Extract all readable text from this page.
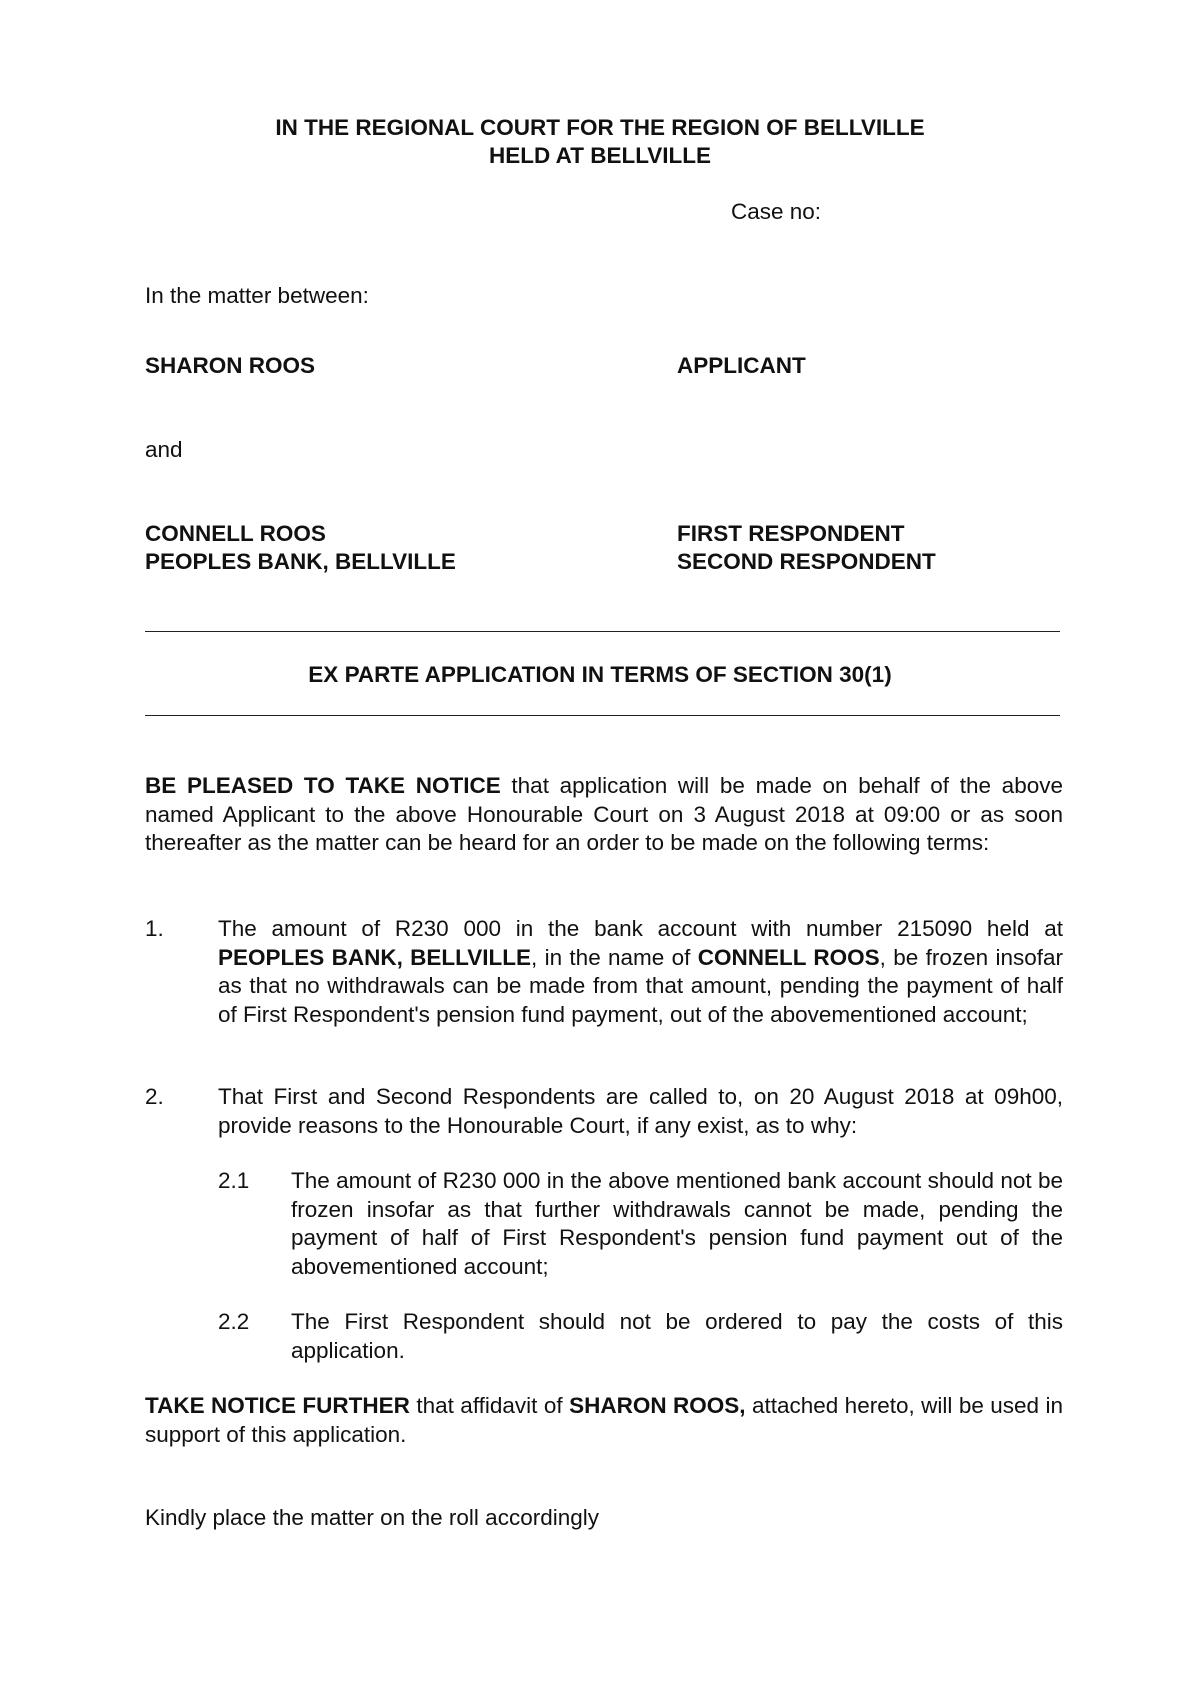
IN THE REGIONAL COURT FOR THE REGION OF BELLVILLE
HELD AT BELLVILLE
Case no:
In the matter between:
SHARON ROOS	APPLICANT
and
CONNELL ROOS	FIRST RESPONDENT
PEOPLES BANK, BELLVILLE	SECOND RESPONDENT
EX PARTE APPLICATION IN TERMS OF SECTION 30(1)
BE PLEASED TO TAKE NOTICE that application will be made on behalf of the above named Applicant to the above Honourable Court on 3 August 2018 at 09:00 or as soon thereafter as the matter can be heard for an order to be made on the following terms:
1. The amount of R230 000 in the bank account with number 215090 held at PEOPLES BANK, BELLVILLE, in the name of CONNELL ROOS, be frozen insofar as that no withdrawals can be made from that amount, pending the payment of half of First Respondent's pension fund payment, out of the abovementioned account;
2. That First and Second Respondents are called to, on 20 August 2018 at 09h00, provide reasons to the Honourable Court, if any exist, as to why:
2.1 The amount of R230 000 in the above mentioned bank account should not be frozen insofar as that further withdrawals cannot be made, pending the payment of half of First Respondent's pension fund payment out of the abovementioned account;
2.2 The First Respondent should not be ordered to pay the costs of this application.
TAKE NOTICE FURTHER that affidavit of SHARON ROOS, attached hereto, will be used in support of this application.
Kindly place the matter on the roll accordingly
